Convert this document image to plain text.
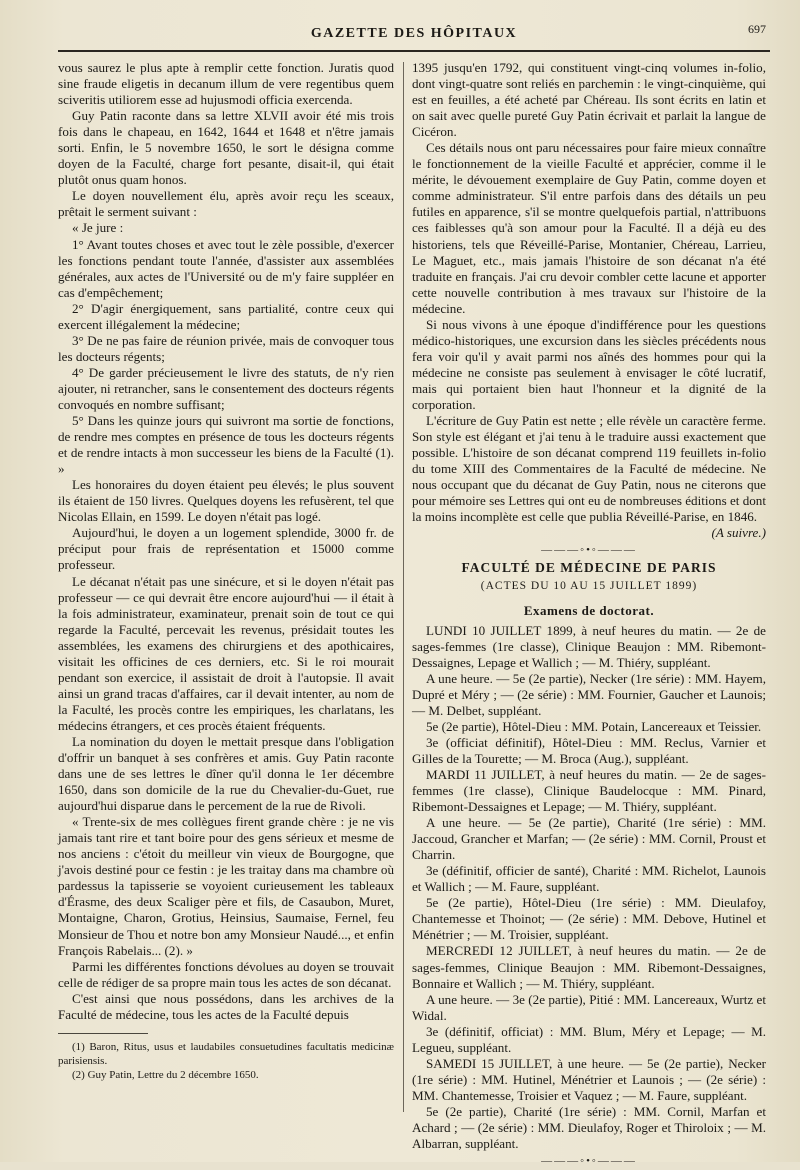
GAZETTE DES HÔPITAUX	697

vous saurez le plus apte à remplir cette fonction. Juratis quod sine fraude eligetis in decanum illum de vere regentibus quem sciveritis utiliorem esse ad hujusmodi officia exercenda.

Guy Patin raconte dans sa lettre XLVII avoir été mis trois fois dans le chapeau, en 1642, 1644 et 1648 et n'être jamais sorti. Enfin, le 5 novembre 1650, le sort le désigna comme doyen de la Faculté, charge fort pesante, disait-il, qui était plutôt onus quam honos.

Le doyen nouvellement élu, après avoir reçu les sceaux, prêtait le serment suivant :

« Je jure :

1° Avant toutes choses et avec tout le zèle possible, d'exercer les fonctions pendant toute l'année, d'assister aux assemblées générales, aux actes de l'Université ou de m'y faire suppléer en cas d'empêchement;

2° D'agir énergiquement, sans partialité, contre ceux qui exercent illégalement la médecine;

3° De ne pas faire de réunion privée, mais de convoquer tous les docteurs régents;

4° De garder précieusement le livre des statuts, de n'y rien ajouter, ni retrancher, sans le consentement des docteurs régents convoqués en nombre suffisant;

5° Dans les quinze jours qui suivront ma sortie de fonctions, de rendre mes comptes en présence de tous les docteurs régents et de rendre intacts à mon successeur les biens de la Faculté (1). »

Les honoraires du doyen étaient peu élevés; le plus souvent ils étaient de 150 livres. Quelques doyens les refusèrent, tel que Nicolas Ellain, en 1599. Le doyen n'était pas logé.

Aujourd'hui, le doyen a un logement splendide, 3000 fr. de préciput pour frais de représentation et 15000 comme professeur.

Le décanat n'était pas une sinécure, et si le doyen n'était pas professeur — ce qui devrait être encore aujourd'hui — il était à la fois administrateur, examinateur, prenait soin de tout ce qui regarde la Faculté, percevait les revenus, présidait toutes les assemblées, les examens des chirurgiens et des apothicaires, visitait les officines de ces derniers, etc. Si le roi mourait pendant son exercice, il assistait de droit à l'autopsie. Il avait ainsi un grand tracas d'affaires, car il devait intenter, au nom de la Faculté, les procès contre les empiriques, les charlatans, les médecins étrangers, et ces procès étaient fréquents.

La nomination du doyen le mettait presque dans l'obligation d'offrir un banquet à ses confrères et amis. Guy Patin raconte dans une de ses lettres le dîner qu'il donna le 1er décembre 1650, dans son domicile de la rue du Chevalier-du-Guet, rue aujourd'hui disparue dans le percement de la rue de Rivoli.

« Trente-six de mes collègues firent grande chère : je ne vis jamais tant rire et tant boire pour des gens sérieux et mesme de nos anciens : c'étoit du meilleur vin vieux de Bourgogne, que j'avois destiné pour ce festin : je les traitay dans ma chambre où pardessus la tapisserie se voyoient curieusement les tableaux d'Érasme, des deux Scaliger père et fils, de Casaubon, Muret, Montaigne, Charon, Grotius, Heinsius, Saumaise, Fernel, feu Monsieur de Thou et notre bon amy Monsieur Naudé..., et enfin François Rabelais... (2). »

Parmi les différentes fonctions dévolues au doyen se trouvait celle de rédiger de sa propre main tous les actes de son décanat.

C'est ainsi que nous possédons, dans les archives de la Faculté de médecine, tous les actes de la Faculté depuis

(1) Baron, Ritus, usus et laudabiles consuetudines facultatis medicinæ parisiensis.

(2) Guy Patin, Lettre du 2 décembre 1650.

1395 jusqu'en 1792, qui constituent vingt-cinq volumes in-folio, dont vingt-quatre sont reliés en parchemin : le vingt-cinquième, qui est en feuilles, a été acheté par Chéreau. Ils sont écrits en latin et on sait avec quelle pureté Guy Patin écrivait et parlait la langue de Cicéron.

Ces détails nous ont paru nécessaires pour faire mieux connaître le fonctionnement de la vieille Faculté et apprécier, comme il le mérite, le dévouement exemplaire de Guy Patin, comme doyen et comme administrateur. S'il entre parfois dans des détails un peu futiles en apparence, s'il se montre quelquefois partial, n'attribuons ces faiblesses qu'à son amour pour la Faculté. Il a déjà eu des historiens, tels que Réveillé-Parise, Montanier, Chéreau, Larrieu, Le Maguet, etc., mais jamais l'histoire de son décanat n'a été traduite en français. J'ai cru devoir combler cette lacune et apporter cette nouvelle contribution à mes travaux sur l'histoire de la médecine.

Si nous vivons à une époque d'indifférence pour les questions médico-historiques, une excursion dans les siècles précédents nous fera voir qu'il y avait parmi nos aînés des hommes pour qui la médecine ne consiste pas seulement à envisager le côté lucratif, mais qui portaient bien haut l'honneur et la dignité de la corporation.

L'écriture de Guy Patin est nette ; elle révèle un caractère ferme. Son style est élégant et j'ai tenu à le traduire aussi exactement que possible. L'histoire de son décanat comprend 119 feuillets in-folio du tome XIII des Commentaires de la Faculté de médecine. Ne nous occupant que du décanat de Guy Patin, nous ne citerons que pour mémoire ses Lettres qui ont eu de nombreuses éditions et dont la moins incomplète est celle que publia Réveillé-Parise, en 1846.

(A suivre.)
———◦•◦———
FACULTÉ DE MÉDECINE DE PARIS
(ACTES DU 10 AU 15 JUILLET 1899)
Examens de doctorat.

LUNDI 10 JUILLET 1899, à neuf heures du matin. — 2e de sages-femmes (1re classe), Clinique Beaujon : MM. Ribemont-Dessaignes, Lepage et Wallich ; — M. Thiéry, suppléant.

A une heure. — 5e (2e partie), Necker (1re série) : MM. Hayem, Dupré et Méry ; — (2e série) : MM. Fournier, Gaucher et Launois; — M. Delbet, suppléant.

5e (2e partie), Hôtel-Dieu : MM. Potain, Lancereaux et Teissier.

3e (officiat définitif), Hôtel-Dieu : MM. Reclus, Varnier et Gilles de la Tourette; — M. Broca (Aug.), suppléant.

MARDI 11 JUILLET, à neuf heures du matin. — 2e de sages-femmes (1re classe), Clinique Baudelocque : MM. Pinard, Ribemont-Dessaignes et Lepage; — M. Thiéry, suppléant.

A une heure. — 5e (2e partie), Charité (1re série) : MM. Jaccoud, Grancher et Marfan; — (2e série) : MM. Cornil, Proust et Charrin.

3e (définitif, officier de santé), Charité : MM. Richelot, Launois et Wallich ; — M. Faure, suppléant.

5e (2e partie), Hôtel-Dieu (1re série) : MM. Dieulafoy, Chantemesse et Thoinot; — (2e série) : MM. Debove, Hutinel et Ménétrier ; — M. Troisier, suppléant.

MERCREDI 12 JUILLET, à neuf heures du matin. — 2e de sages-femmes, Clinique Beaujon : MM. Ribemont-Dessaignes, Bonnaire et Wallich ; — M. Thiéry, suppléant.

A une heure. — 3e (2e partie), Pitié : MM. Lancereaux, Wurtz et Widal.

3e (définitif, officiat) : MM. Blum, Méry et Lepage; — M. Legueu, suppléant.

SAMEDI 15 JUILLET, à une heure. — 5e (2e partie), Necker (1re série) : MM. Hutinel, Ménétrier et Launois ; — (2e série) : MM. Chantemesse, Troisier et Vaquez ; — M. Faure, suppléant.

5e (2e partie), Charité (1re série) : MM. Cornil, Marfan et Achard ; — (2e série) : MM. Dieulafoy, Roger et Thiroloix ; — M. Albarran, suppléant.

———◦•◦———
